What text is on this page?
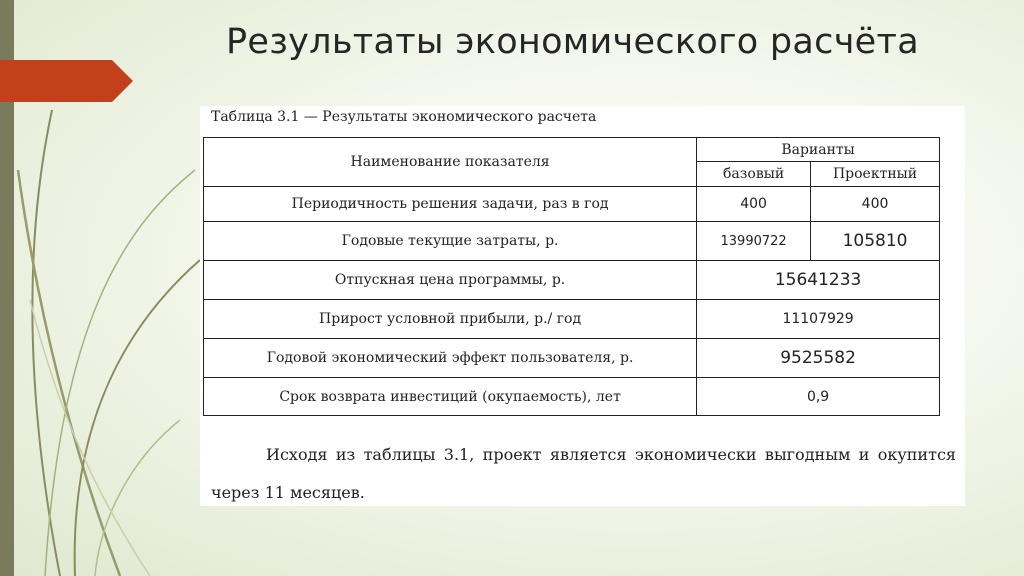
Результаты экономического расчёта
Таблица 3.1 — Результаты экономического расчета
Наименование показателя	Варианты	
	базовый	Проектный
Периодичность решения задачи, раз в год	400	400
Годовые текущие затраты, р.	13990722	105810
Отпускная цена программы, р.	15641233	
Прирост условной прибыли, р./ год	11107929	
Годовой экономический эффект пользователя, р.	9525582	
Срок возврата инвестиций (окупаемость), лет	0,9	
Исходя из таблицы 3.1, проект является экономически выгодным и окупится через 11 месяцев.
